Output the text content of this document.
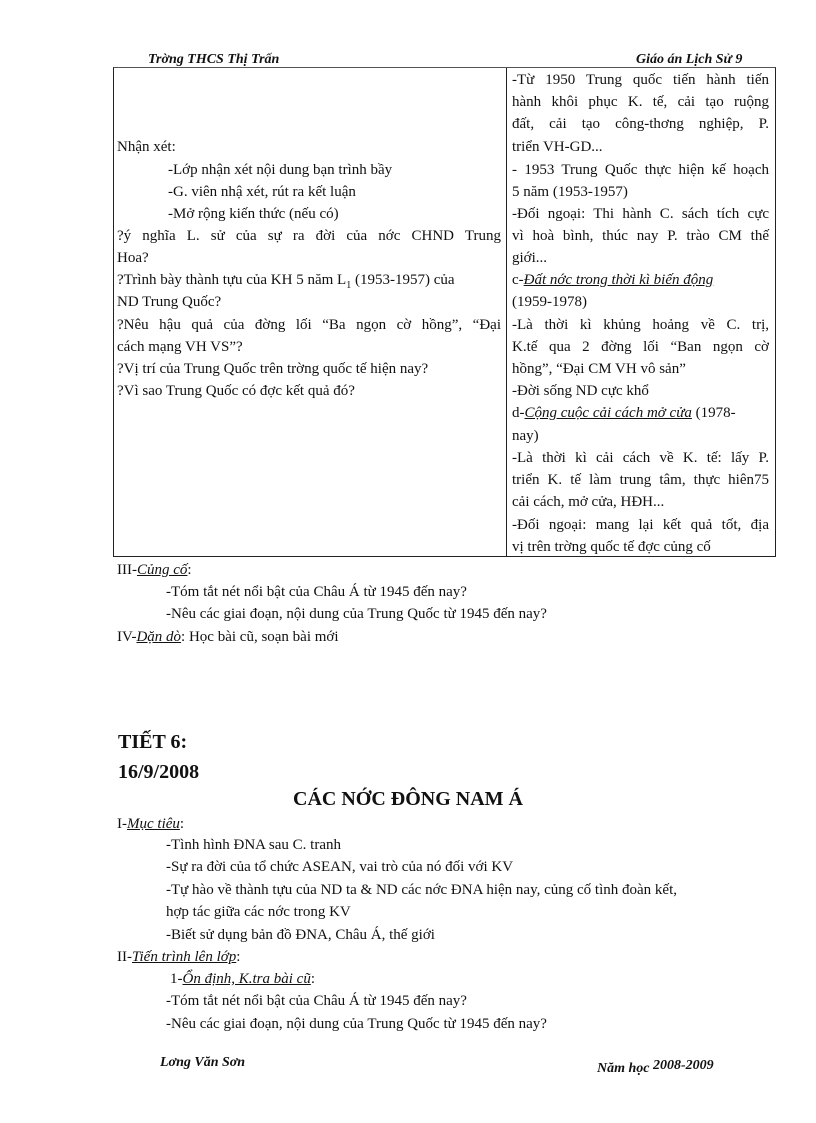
Trờng THCS Thị Trấn	Giáo án Lịch Sử 9
Nhận xét:
-Lớp nhận xét nội dung bạn trình bầy
-G. viên nhậ xét, rút ra kết luận
-Mở rộng kiến thức (nếu có)
?ý nghĩa L. sử của sự ra đời của nớc CHND Trung
Hoa?
?Trình bày thành tựu của KH 5 năm $L_1$ (1953-1957) của
ND Trung Quốc?
?Nêu hậu quả của đờng lối “Ba ngọn cờ hồng”, “Đại
cách mạng VH VS”?
?Vị trí của Trung Quốc trên trờng quốc tế hiện nay?
?Vì sao Trung Quốc có đợc kết quả đó?
-Từ 1950 Trung quốc tiến hành tiến
hành khôi phục K. tế, cải tạo ruộng
đất, cải tạo công-thơng nghiệp, P.
triển VH-GD...
- 1953 Trung Quốc thực hiện kế hoạch
5 năm (1953-1957)
-Đối ngoại: Thi hành C. sách tích cực
vì hoà bình, thúc nay P. trào CM thế
giới...
c-Đất nớc trong thời kì biến động
(1959-1978)
-Là thời kì khủng hoảng về C. trị,
K.tế qua 2 đờng lối “Ban ngọn cờ
hồng”, “Đại CM VH vô sản”
-Đời sống ND cực khổ
d-Cộng cuộc cải cách mở cửa (1978-
nay)
-Là thời kì cải cách về K. tế: lấy P.
triển K. tế làm trung tâm, thực hiên75
cải cách, mở cửa, HĐH...
-Đối ngoại: mang lại kết quả tốt, địa
vị trên trờng quốc tế đợc củng cố
III-Củng cố:
-Tóm tắt nét nổi bật của Châu Á từ 1945 đến nay?
-Nêu các giai đoạn, nội dung của Trung Quốc từ 1945 đến nay?
IV-Dặn dò: Học bài cũ, soạn bài mới
TIẾT 6:
16/9/2008
CÁC NỚC ĐÔNG NAM Á
I-Mục tiêu:
-Tình hình ĐNA sau C. tranh
-Sự ra đời của tổ chức ASEAN, vai trò của nó đối với KV
-Tự hào về thành tựu của ND ta & ND các nớc ĐNA hiện nay, củng cố tình đoàn kết,
hợp tác giữa các nớc trong KV
-Biết sử dụng bản đồ ĐNA, Châu Á, thế giới
II-Tiến trình lên lớp:
1-Ổn định, K.tra bài cũ:
-Tóm tắt nét nổi bật của Châu Á từ 1945 đến nay?
-Nêu các giai đoạn, nội dung của Trung Quốc từ 1945 đến nay?
Lơng Văn Sơn	Năm học 2008-2009
